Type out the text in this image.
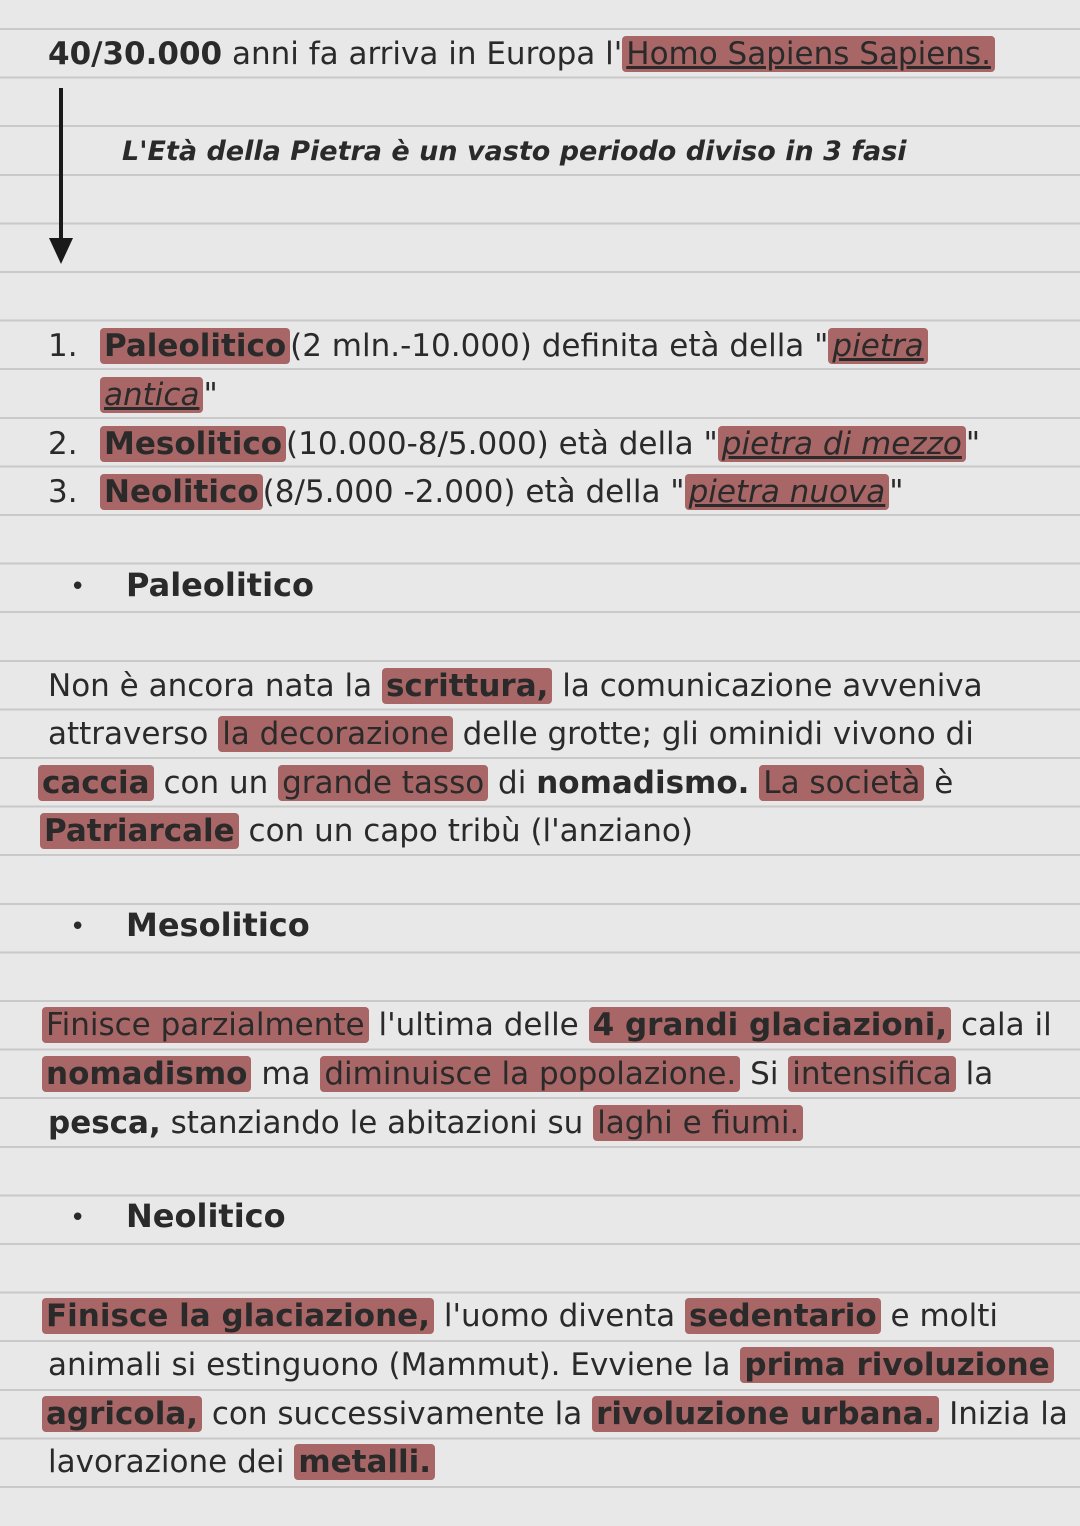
40/30.000 anni fa arriva in Europa l' Homo Sapiens Sapiens.
L'Età della Pietra è un vasto periodo diviso in 3 fasi
1. Paleolitico (2 mln.-10.000) definita età della " pietra
antica "
2. Mesolitico (10.000-8/5.000) età della " pietra di mezzo "
3. Neolitico (8/5.000 -2.000) età della " pietra nuova "
• Paleolitico
Non è ancora nata la scrittura, la comunicazione avveniva
attraverso la decorazione delle grotte; gli ominidi vivono di
caccia con un grande tasso di nomadismo. La società è
Patriarcale con un capo tribù (l'anziano)
• Mesolitico
Finisce parzialmente l'ultima delle 4 grandi glaciazioni, cala il
nomadismo ma diminuisce la popolazione. Si intensifica la
pesca, stanziando le abitazioni su laghi e fiumi.
• Neolitico
Finisce la glaciazione, l'uomo diventa sedentario e molti
animali si estinguono (Mammut). Evviene la prima rivoluzione
agricola, con successivamente la rivoluzione urbana. Inizia la
lavorazione dei metalli.
